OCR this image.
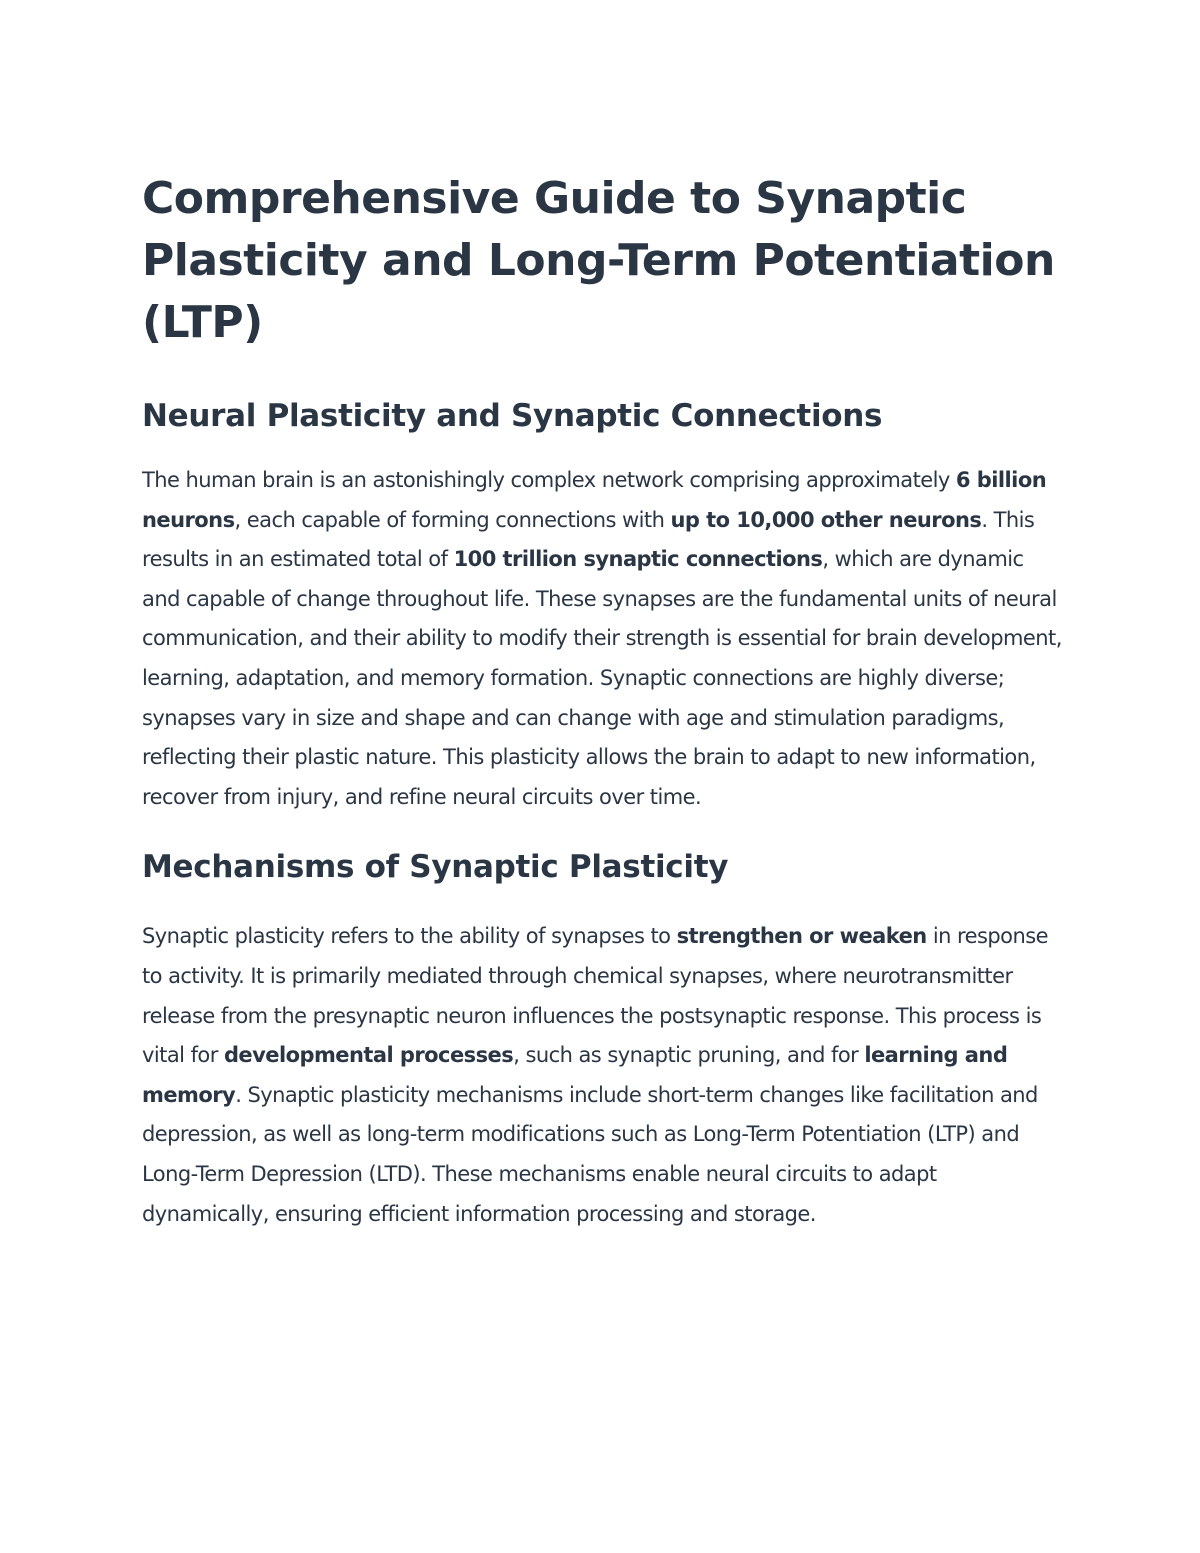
Comprehensive Guide to Synaptic Plasticity and Long-Term Potentiation (LTP)
Neural Plasticity and Synaptic Connections

The human brain is an astonishingly complex network comprising approximately 6 billion neurons, each capable of forming connections with up to 10,000 other neurons. This results in an estimated total of 100 trillion synaptic connections, which are dynamic and capable of change throughout life. These synapses are the fundamental units of neural communication, and their ability to modify their strength is essential for brain development, learning, adaptation, and memory formation. Synaptic connections are highly diverse; synapses vary in size and shape and can change with age and stimulation paradigms, reflecting their plastic nature. This plasticity allows the brain to adapt to new information, recover from injury, and refine neural circuits over time.

Mechanisms of Synaptic Plasticity

Synaptic plasticity refers to the ability of synapses to strengthen or weaken in response to activity. It is primarily mediated through chemical synapses, where neurotransmitter release from the presynaptic neuron influences the postsynaptic response. This process is vital for developmental processes, such as synaptic pruning, and for learning and memory. Synaptic plasticity mechanisms include short-term changes like facilitation and depression, as well as long-term modifications such as Long-Term Potentiation (LTP) and Long-Term Depression (LTD). These mechanisms enable neural circuits to adapt dynamically, ensuring efficient information processing and storage.
